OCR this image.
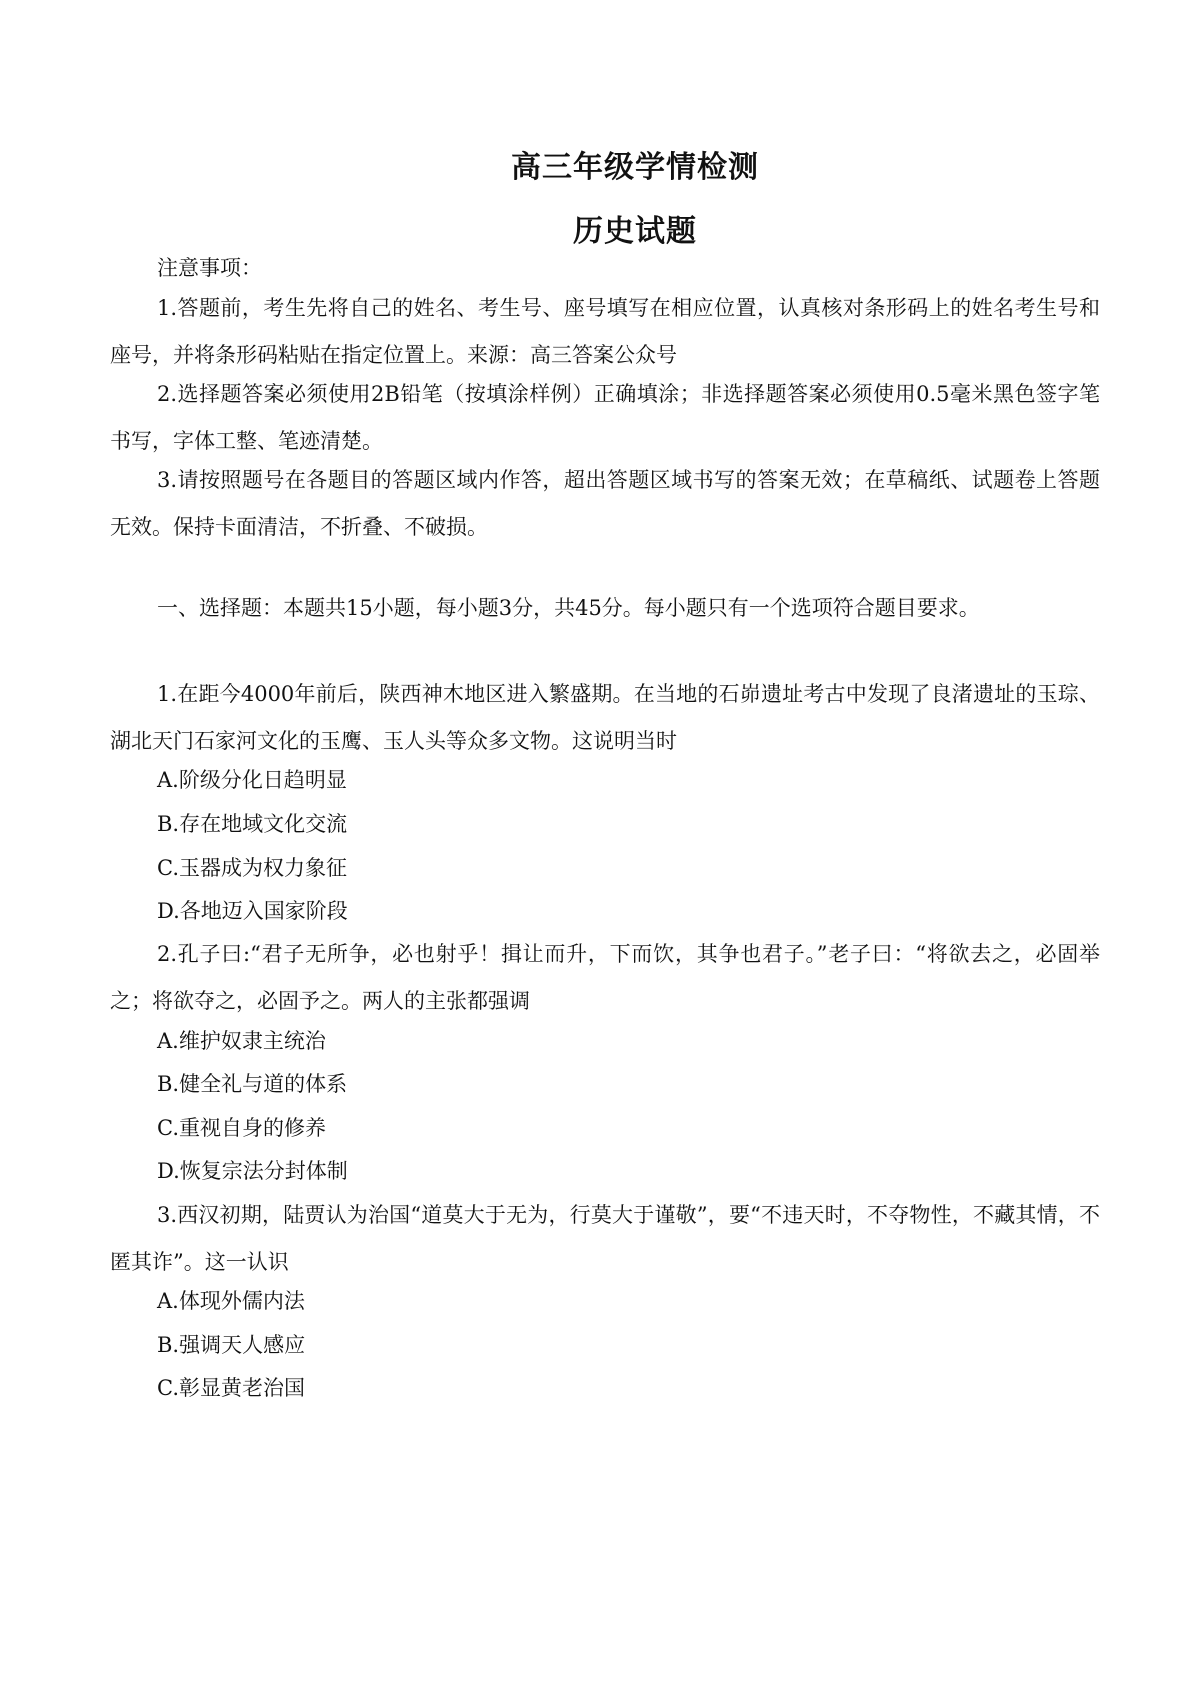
高三年级学情检测
历史试题
注意事项：

1.答题前，考生先将自己的姓名、考生号、座号填写在相应位置，认真核对条形码上的姓名考生号和座号，并将条形码粘贴在指定位置上。来源：高三答案公众号

2.选择题答案必须使用2B铅笔（按填涂样例）正确填涂；非选择题答案必须使用0.5毫米黑色签字笔书写，字体工整、笔迹清楚。

3.请按照题号在各题目的答题区域内作答，超出答题区域书写的答案无效；在草稿纸、试题卷上答题无效。保持卡面清洁，不折叠、不破损。

一、选择题：本题共15小题，每小题3分，共45分。每小题只有一个选项符合题目要求。

1.在距今4000年前后，陕西神木地区进入繁盛期。在当地的石峁遗址考古中发现了良渚遗址的玉琮、湖北天门石家河文化的玉鹰、玉人头等众多文物。这说明当时

A.阶级分化日趋明显
B.存在地域文化交流
C.玉器成为权力象征
D.各地迈入国家阶段

2.孔子曰:“君子无所争，必也射乎！揖让而升，下而饮，其争也君子。”老子曰：“将欲去之，必固举之；将欲夺之，必固予之。两人的主张都强调

A.维护奴隶主统治
B.健全礼与道的体系
C.重视自身的修养
D.恢复宗法分封体制

3.西汉初期，陆贾认为治国“道莫大于无为，行莫大于谨敬”，要“不违天时，不夺物性，不藏其情，不匿其诈”。这一认识

A.体现外儒内法
B.强调天人感应
C.彰显黄老治国
